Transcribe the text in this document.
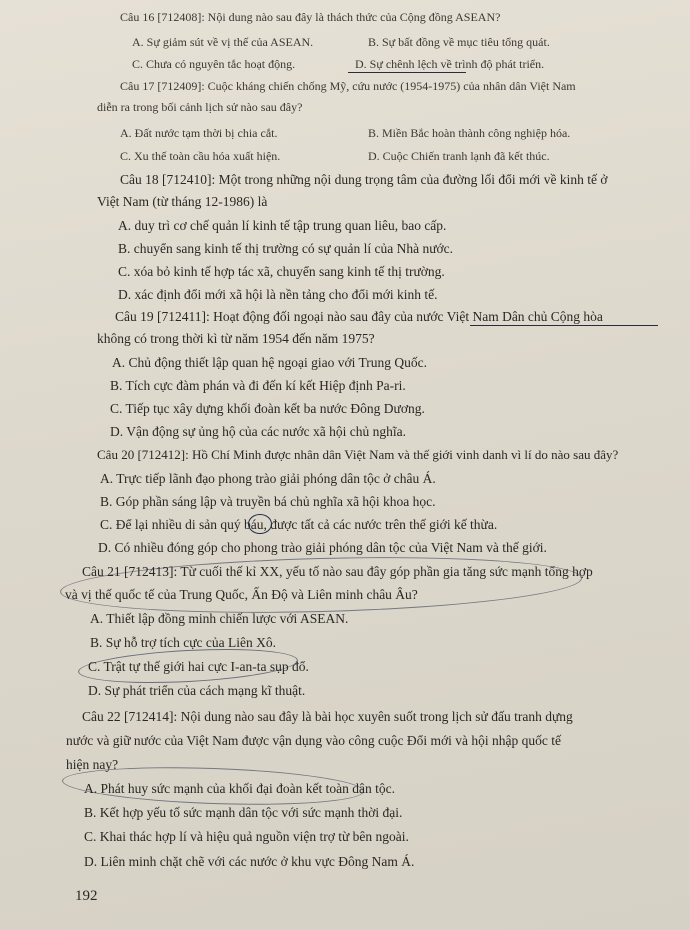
Câu 16 [712408]: Nội dung nào sau đây là thách thức của Cộng đồng ASEAN?
A. Sự giảm sút về vị thế của ASEAN.	B. Sự bất đồng về mục tiêu tổng quát.
C. Chưa có nguyên tắc hoạt động.	D. Sự chênh lệch về trình độ phát triển.
Câu 17 [712409]: Cuộc kháng chiến chống Mỹ, cứu nước (1954-1975) của nhân dân Việt Nam
diễn ra trong bối cảnh lịch sử nào sau đây?
A. Đất nước tạm thời bị chia cắt.	B. Miền Bắc hoàn thành công nghiệp hóa.
C. Xu thế toàn cầu hóa xuất hiện.	D. Cuộc Chiến tranh lạnh đã kết thúc.
Câu 18 [712410]: Một trong những nội dung trọng tâm của đường lối đổi mới về kinh tế ở
Việt Nam (từ tháng 12-1986) là
A. duy trì cơ chế quản lí kinh tế tập trung quan liêu, bao cấp.
B. chuyển sang kinh tế thị trường có sự quản lí của Nhà nước.
C. xóa bỏ kinh tế hợp tác xã, chuyển sang kinh tế thị trường.
D. xác định đổi mới xã hội là nền tảng cho đổi mới kinh tế.
Câu 19 [712411]: Hoạt động đối ngoại nào sau đây của nước Việt Nam Dân chủ Cộng hòa
không có trong thời kì từ năm 1954 đến năm 1975?
A. Chủ động thiết lập quan hệ ngoại giao với Trung Quốc.
B. Tích cực đàm phán và đi đến kí kết Hiệp định Pa-ri.
C. Tiếp tục xây dựng khối đoàn kết ba nước Đông Dương.
D. Vận động sự ủng hộ của các nước xã hội chủ nghĩa.
Câu 20 [712412]: Hồ Chí Minh được nhân dân Việt Nam và thế giới vinh danh vì lí do nào sau đây?
A. Trực tiếp lãnh đạo phong trào giải phóng dân tộc ở châu Á.
B. Góp phần sáng lập và truyền bá chủ nghĩa xã hội khoa học.
C. Để lại nhiều di sản quý báu, được tất cả các nước trên thế giới kế thừa.
D. Có nhiều đóng góp cho phong trào giải phóng dân tộc của Việt Nam và thế giới.
Câu 21 [712413]: Từ cuối thế kỉ XX, yếu tố nào sau đây góp phần gia tăng sức mạnh tổng hợp
và vị thế quốc tế của Trung Quốc, Ấn Độ và Liên minh châu Âu?
A. Thiết lập đồng minh chiến lược với ASEAN.
B. Sự hỗ trợ tích cực của Liên Xô.
C. Trật tự thế giới hai cực I-an-ta sụp đổ.
D. Sự phát triển của cách mạng kĩ thuật.
Câu 22 [712414]: Nội dung nào sau đây là bài học xuyên suốt trong lịch sử đấu tranh dựng
nước và giữ nước của Việt Nam được vận dụng vào công cuộc Đổi mới và hội nhập quốc tế
hiện nay?
A. Phát huy sức mạnh của khối đại đoàn kết toàn dân tộc.
B. Kết hợp yếu tố sức mạnh dân tộc với sức mạnh thời đại.
C. Khai thác hợp lí và hiệu quả nguồn viện trợ từ bên ngoài.
D. Liên minh chặt chẽ với các nước ở khu vực Đông Nam Á.
192
